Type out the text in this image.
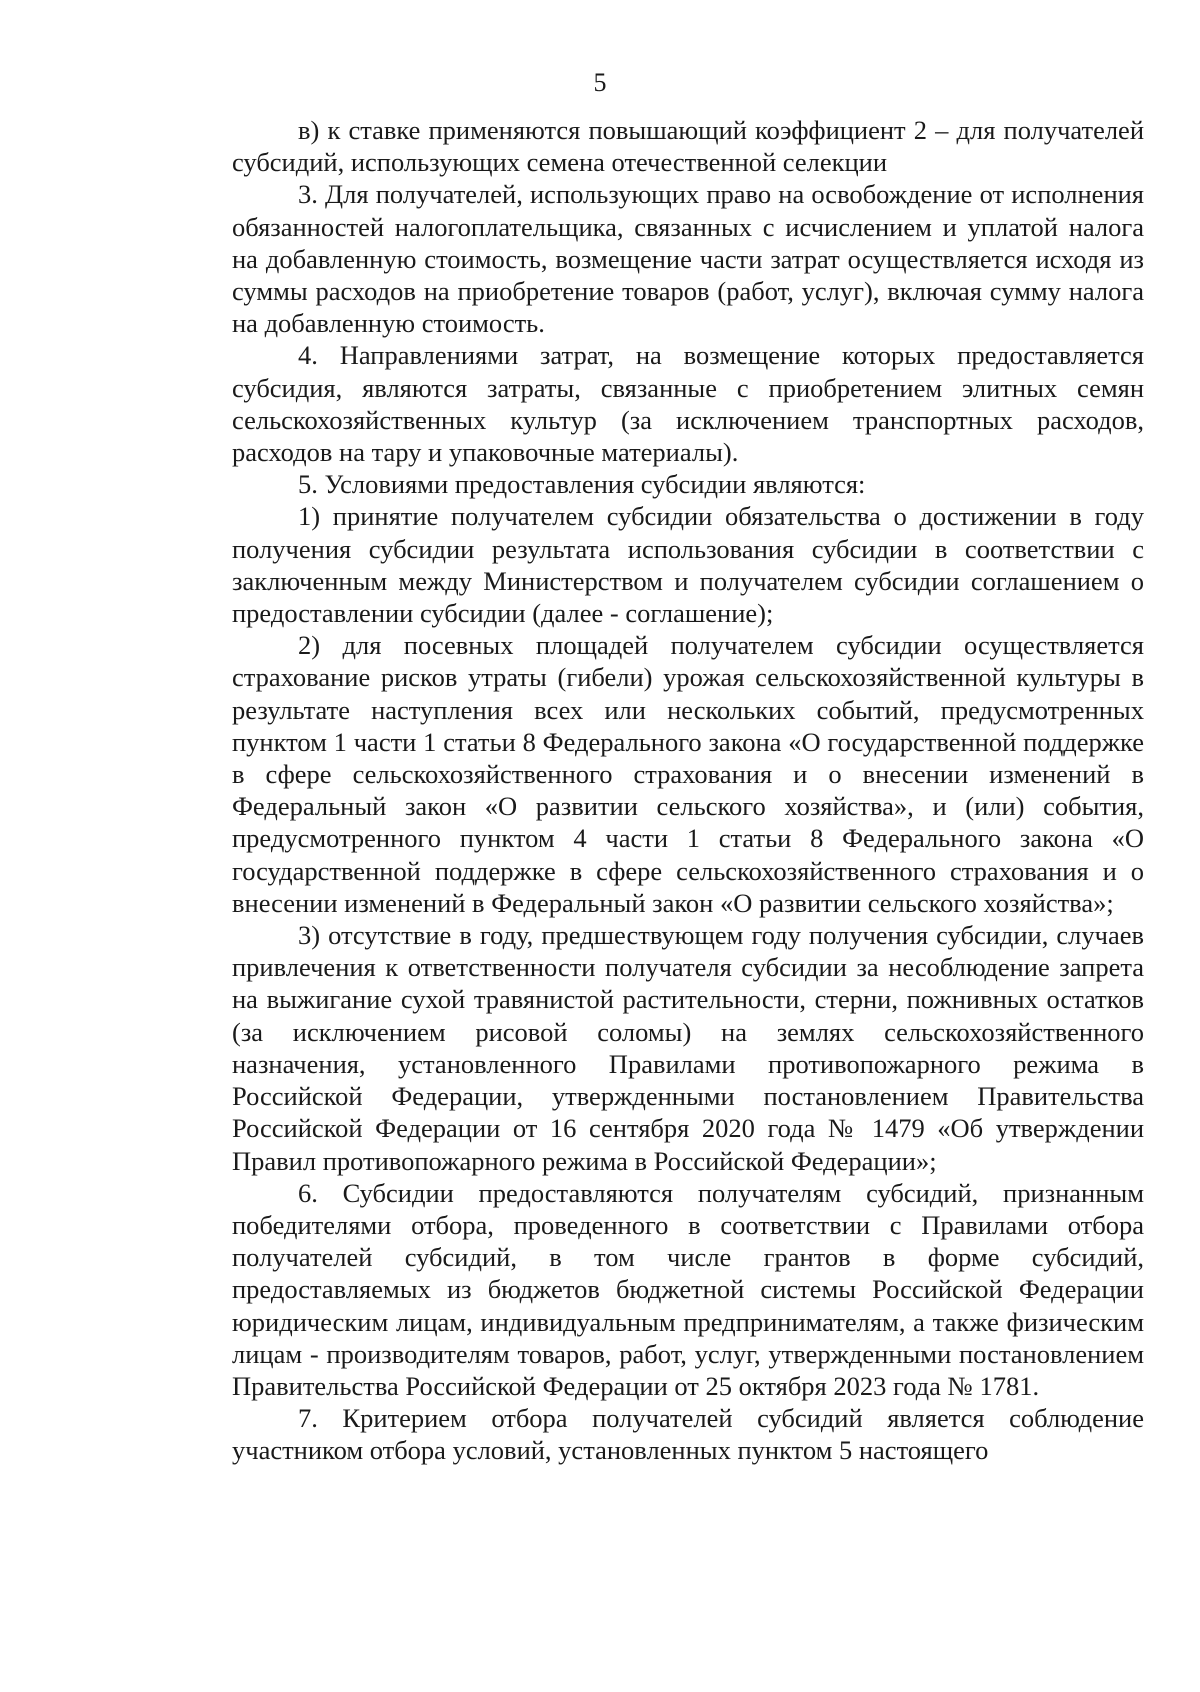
5

в) к ставке применяются повышающий коэффициент 2 – для получателей субсидий, использующих семена отечественной селекции

3. Для получателей, использующих право на освобождение от исполнения обязанностей налогоплательщика, связанных с исчислением и уплатой налога на добавленную стоимость, возмещение части затрат осуществляется исходя из суммы расходов на приобретение товаров (работ, услуг), включая сумму налога на добавленную стоимость.

4. Направлениями затрат, на возмещение которых предоставляется субсидия, являются затраты, связанные с приобретением элитных семян сельскохозяйственных культур (за исключением транспортных расходов, расходов на тару и упаковочные материалы).

5. Условиями предоставления субсидии являются:

1) принятие получателем субсидии обязательства о достижении в году получения субсидии результата использования субсидии в соответствии с заключенным между Министерством и получателем субсидии соглашением о предоставлении субсидии (далее - соглашение);

2) для посевных площадей получателем субсидии осуществляется страхование рисков утраты (гибели) урожая сельскохозяйственной культуры в результате наступления всех или нескольких событий, предусмотренных пунктом 1 части 1 статьи 8 Федерального закона «О государственной поддержке в сфере сельскохозяйственного страхования и о внесении изменений в Федеральный закон «О развитии сельского хозяйства», и (или) события, предусмотренного пунктом 4 части 1 статьи 8 Федерального закона «О государственной поддержке в сфере сельскохозяйственного страхования и о внесении изменений в Федеральный закон «О развитии сельского хозяйства»;

3) отсутствие в году, предшествующем году получения субсидии, случаев привлечения к ответственности получателя субсидии за несоблюдение запрета на выжигание сухой травянистой растительности, стерни, пожнивных остатков (за исключением рисовой соломы) на землях сельскохозяйственного назначения, установленного Правилами противопожарного режима в Российской Федерации, утвержденными постановлением Правительства Российской Федерации от 16 сентября 2020 года № 1479 «Об утверждении Правил противопожарного режима в Российской Федерации»;

6. Субсидии предоставляются получателям субсидий, признанным победителями отбора, проведенного в соответствии с Правилами отбора получателей субсидий, в том числе грантов в форме субсидий, предоставляемых из бюджетов бюджетной системы Российской Федерации юридическим лицам, индивидуальным предпринимателям, а также физическим лицам - производителям товаров, работ, услуг, утвержденными постановлением Правительства Российской Федерации от 25 октября 2023 года № 1781.

7. Критерием отбора получателей субсидий является соблюдение участником отбора условий, установленных пунктом 5 настоящего
